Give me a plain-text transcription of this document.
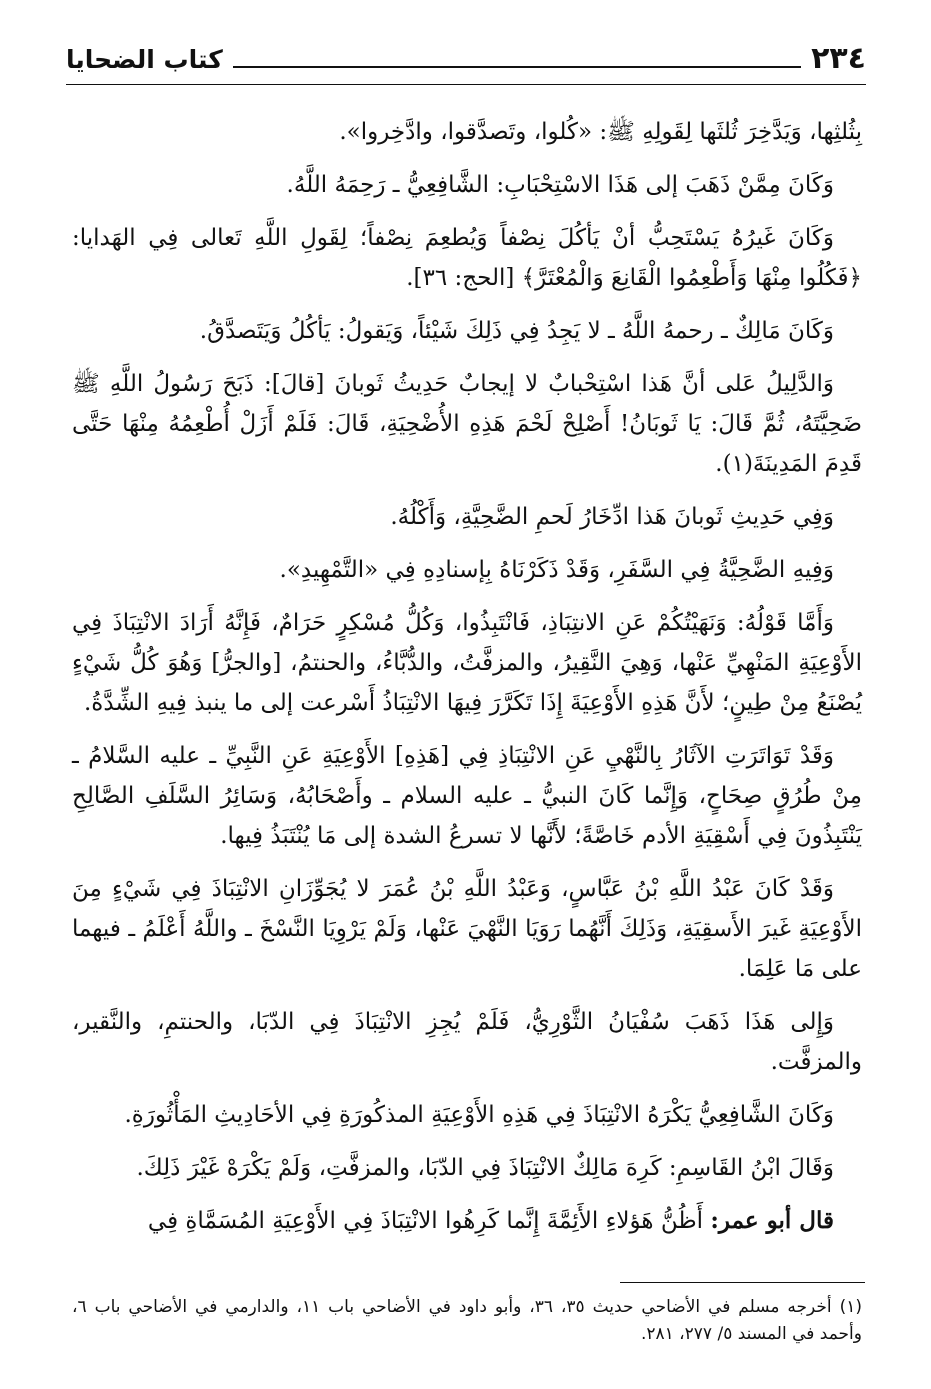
٢٣٤
كتاب الضحايا

بِثُلثِها، وَيَدَّخِرَ ثُلثَها لِقَولِهِ ﷺ: «كُلوا، وتَصدَّقوا، وادَّخِروا».

وَكَانَ مِمَّنْ ذَهَبَ إلى هَذَا الاسْتِحْبَابِ: الشَّافِعِيُّ ـ رَحِمَهُ اللَّهُ.

وَكَانَ غَيرُهُ يَسْتَحِبُّ أنْ يَأكُلَ نِصْفاً وَيُطعِمَ نِصْفاً؛ لِقَولِ اللَّهِ تَعالى فِي الهَدايا: ﴿فَكُلُوا مِنْهَا وَأَطْعِمُوا الْقَانِعَ وَالْمُعْتَرَّ﴾ [الحج: ٣٦].

وَكَانَ مَالِكٌ ـ رحمهُ اللَّهُ ـ لا يَجِدُ فِي ذَلِكَ شَيْئاً، وَيَقولُ: يَأكُلُ وَيَتَصدَّقُ.

وَالدَّلِيلُ عَلى أنَّ هَذا اسْتِحْبابٌ لا إيجابٌ حَدِيثُ ثَوبانَ [قالَ]: ذَبَحَ رَسُولُ اللَّهِ ﷺ ضَحِيَّتَهُ، ثُمَّ قَالَ: يَا ثَوبَانُ! أَصْلِحْ لَحْمَ هَذِهِ الأُضْحِيَةِ، قَالَ: فَلَمْ أَزَلْ أُطْعِمُهُ مِنْهَا حَتَّى قَدِمَ المَدِينَةَ(١).

وَفِي حَدِيثِ ثَوبانَ هَذا ادِّخَارُ لَحمِ الضَّحِيَّةِ، وَأَكْلُهُ.

وَفِيهِ الضَّحِيَّةُ فِي السَّفَرِ، وَقَدْ ذَكَرْنَاهُ بِإسنادِهِ فِي «التَّمْهِيدِ».

وَأَمَّا قَوْلُهُ: وَنَهَيْتُكُمْ عَنِ الانتِبَاذِ، فَانْتَبِذُوا، وَكُلُّ مُسْكِرٍ حَرَامٌ، فَإِنَّهُ أَرَادَ الانْتِبَاذَ فِي الأَوْعِيَةِ المَنْهِيِّ عَنْها، وَهِيَ النَّقِيرُ، والمزفَّتُ، والدُّبَّاءُ، والحنتمُ، [والجرُّ] وَهُوَ كُلُّ شَيْءٍ يُصْنَعُ مِنْ طِينٍ؛ لأَنَّ هَذِهِ الأَوْعِيَةَ إِذَا تَكَرَّرَ فِيهَا الانْتِبَاذُ أَسْرعت إلى ما ينبذ فِيهِ الشِّدَّةُ.

وَقَدْ تَوَاتَرَتِ الآثَارُ بِالنَّهْيِ عَنِ الانْتِبَاذِ فِي [هَذِهِ] الأَوْعِيَةِ عَنِ النَّبِيِّ ـ عليه السَّلامُ ـ مِنْ طُرُقٍ صِحَاحٍ، وَإِنَّما كَانَ النبيُّ ـ عليه السلام ـ وأَصْحَابُهُ، وَسَائِرُ السَّلَفِ الصَّالِحِ يَنْتَبِذُونَ فِي أَسْقِيَةِ الأدم خَاصَّةً؛ لأَنَّها لا تسرعُ الشدة إلى مَا يُنْتَبَذُ فِيها.

وَقَدْ كَانَ عَبْدُ اللَّهِ بْنُ عَبَّاسٍ، وَعَبْدُ اللَّهِ بْنُ عُمَرَ لا يُجَوِّزَانِ الانْتِبَاذَ فِي شَيْءٍ مِنَ الأَوْعِيَةِ غَيرَ الأَسقِيَةِ، وَذَلِكَ أَنَّهُما رَوَيَا النَّهْيَ عَنْها، وَلَمْ يَرْوِيَا النَّسْخَ ـ واللَّهُ أَعْلَمُ ـ فيهما على مَا عَلِمَا.

وَإِلى هَذَا ذَهَبَ سُفْيَانُ الثَّوْرِيُّ، فَلَمْ يُجِزِ الانْتِبَاذَ فِي الدّبَا، والحنتمِ، والنَّقير، والمزفَّت.

وَكَانَ الشَّافِعِيُّ يَكْرَهُ الانْتِبَاذَ فِي هَذِهِ الأَوْعِيَةِ المذكُورَةِ فِي الأحَادِيثِ المَأْثُورَةِ.

وَقَالَ ابْنُ القَاسِمِ: كَرِهَ مَالِكٌ الانْتِبَاذَ فِي الدّبَا، والمزفَّتِ، وَلَمْ يَكْرَهْ غَيْرَ ذَلِكَ.

قال أبو عمر: أَظُنُّ هَؤلاءِ الأَئِمَّةَ إِنَّما كَرِهُوا الانْتِبَاذَ فِي الأَوْعِيَةِ المُسَمَّاةِ فِي

(١) أخرجه مسلم في الأضاحي حديث ٣٥، ٣٦، وأبو داود في الأضاحي باب ١١، والدارمي في الأضاحي باب ٦، وأحمد في المسند ٥/ ٢٧٧، ٢٨١.
